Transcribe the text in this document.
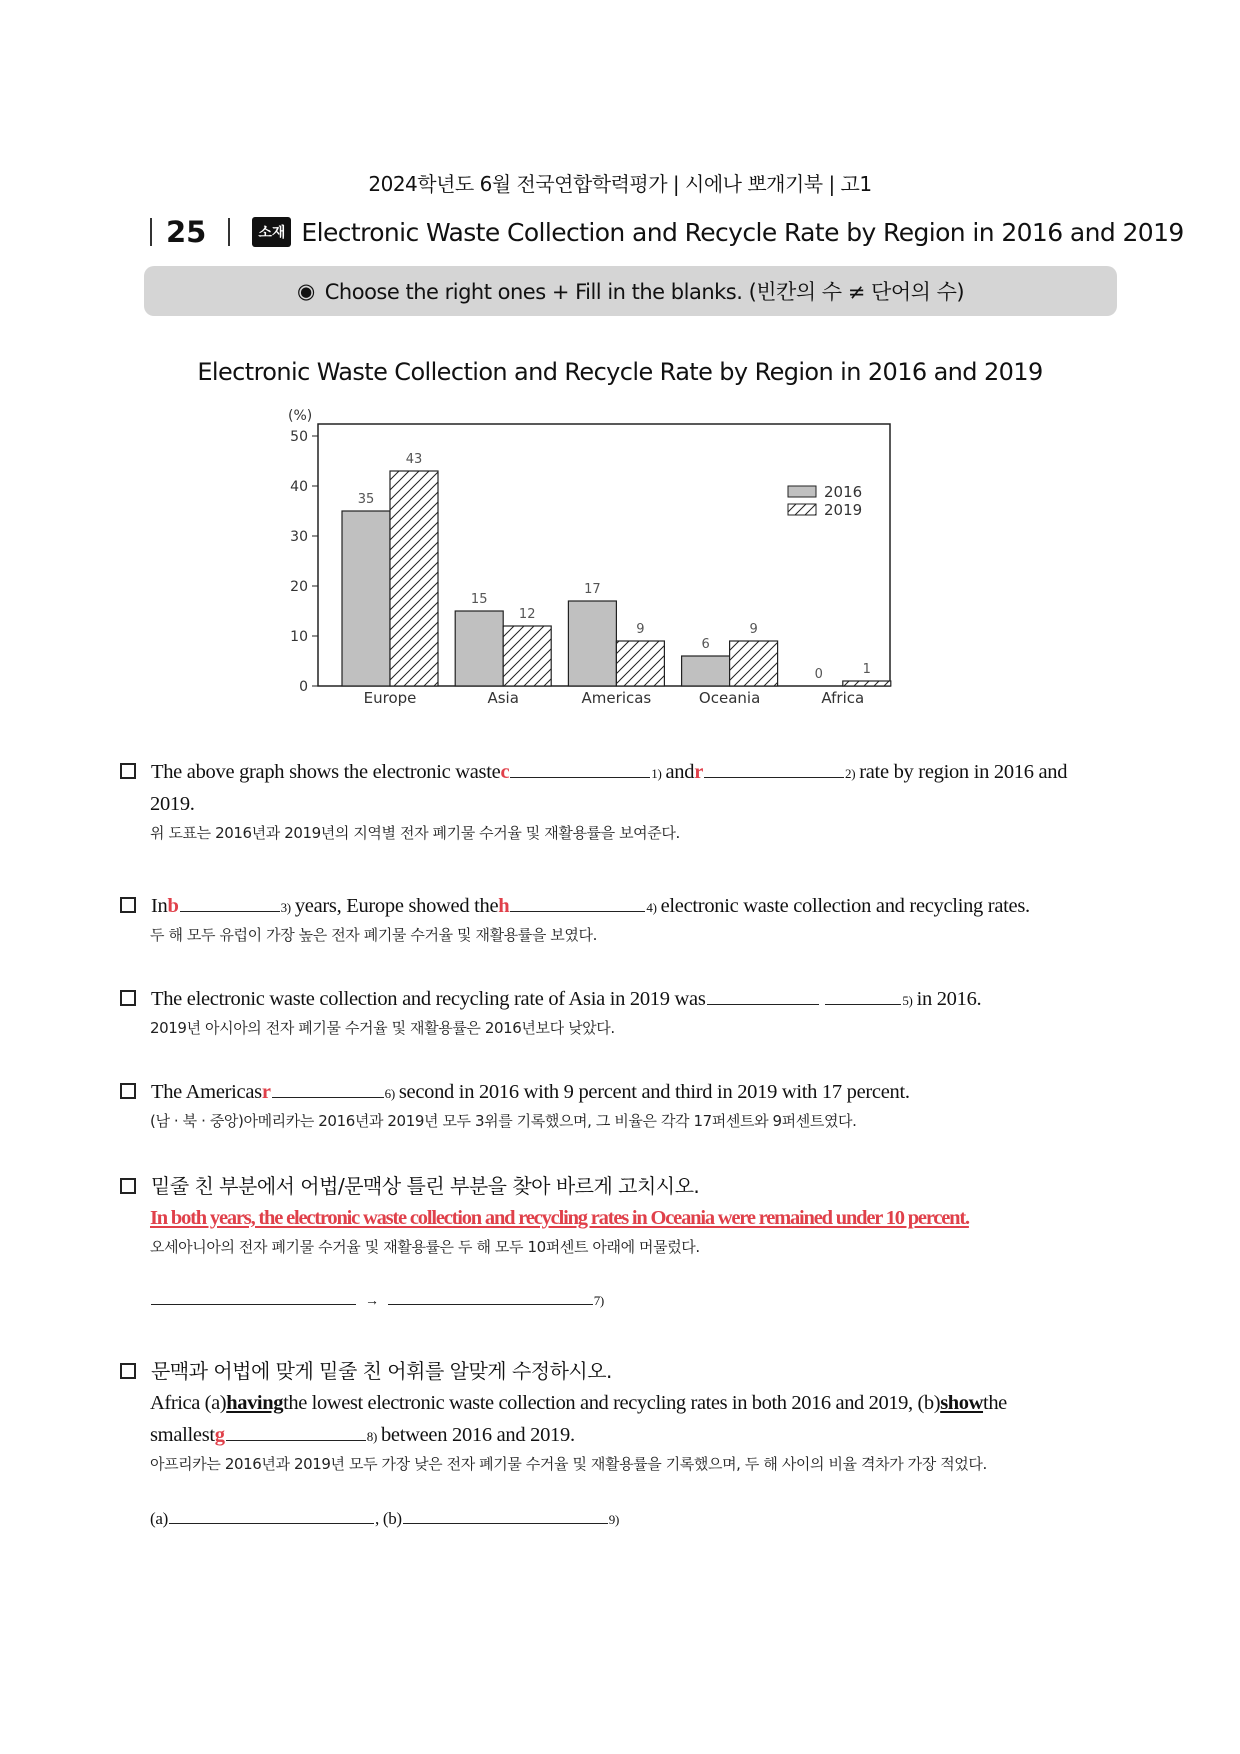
2024학년도 6월 전국연합학력평가 | 시에나 뽀개기북 | 고1
25	소재 Electronic Waste Collection and Recycle Rate by Region in 2016 and 2019
◉ Choose the right ones + Fill in the blanks. (빈칸의 수 ≠ 단어의 수)
Electronic Waste Collection and Recycle Rate by Region in 2016 and 2019
(%)
0
10
20
30
40
50
35
43
Europe
15
12
Asia
17
9
Americas
6
9
Oceania
0	1
Africa
2016
2019
The above graph shows the electronic waste c	1) and r	2) rate by region in 2016 and
2019.
위 도표는 2016년과 2019년의 지역별 전자 폐기물 수거율 및 재활용률을 보여준다.
In b	3) years, Europe showed the h	4) electronic waste collection and recycling rates.
두 해 모두 유럽이 가장 높은 전자 폐기물 수거율 및 재활용률을 보였다.
The electronic waste collection and recycling rate of Asia in 2019 was
	5) in 2016.
2019년 아시아의 전자 폐기물 수거율 및 재활용률은 2016년보다 낮았다.
The Americas r	6) second in 2016 with 9 percent and third in 2019 with 17 percent.
(남 · 북 · 중앙)아메리카는 2016년과 2019년 모두 3위를 기록했으며, 그 비율은 각각 17퍼센트와 9퍼센트였다.
밑줄 친 부분에서 어법/문맥상 틀린 부분을 찾아 바르게 고치시오.
In both years, the electronic waste collection and recycling rates in Oceania were remained under 10 percent.
오세아니아의 전자 폐기물 수거율 및 재활용률은 두 해 모두 10퍼센트 아래에 머물렀다.
→	7)
문맥과 어법에 맞게 밑줄 친 어휘를 알맞게 수정하시오.
Africa (a) having the lowest electronic waste collection and recycling rates in both 2016 and 2019, (b) show the
smallest g	8) between 2016 and 2019.
아프리카는 2016년과 2019년 모두 가장 낮은 전자 폐기물 수거율 및 재활용률을 기록했으며, 두 해 사이의 비율 격차가 가장 적었다.
(a)	, (b)	9)
